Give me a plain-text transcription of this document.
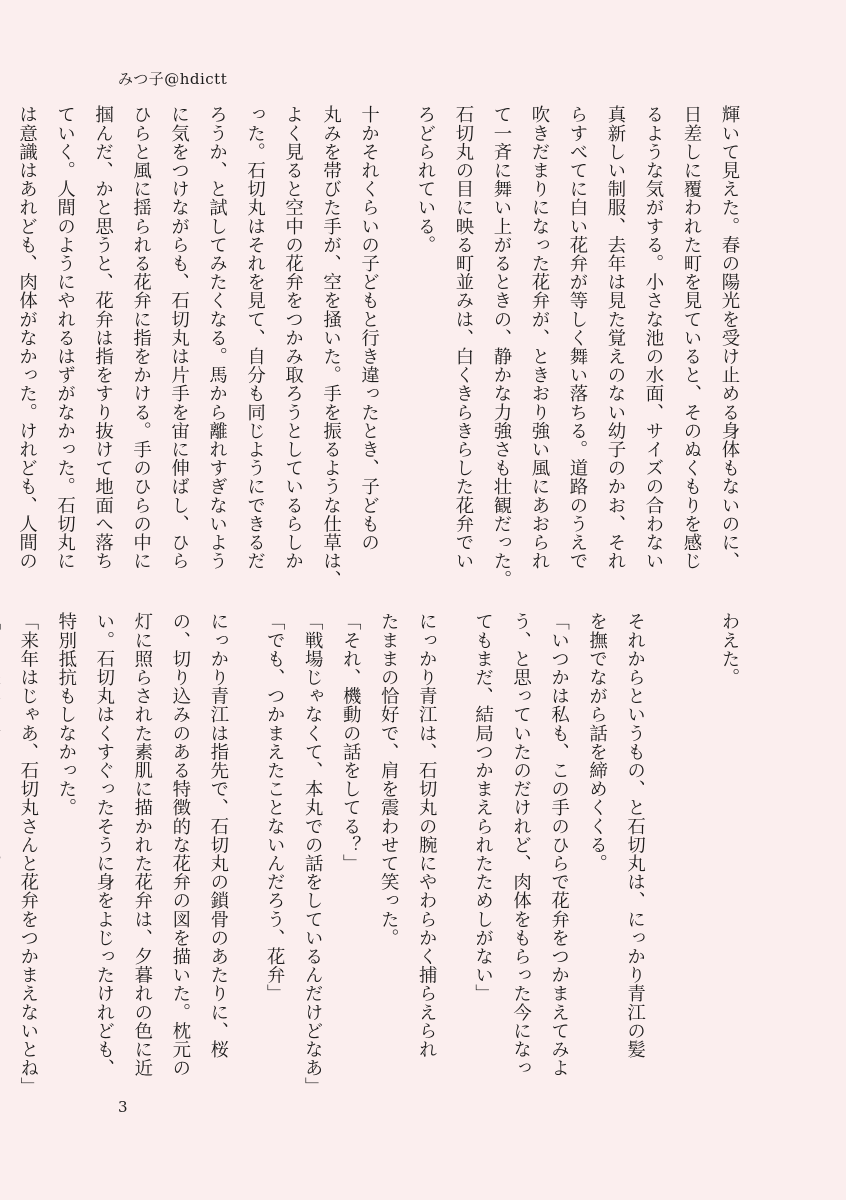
みつ子@hdictt
輝いて見えた。春の陽光を受け止める身体もないのに、
日差しに覆われた町を見ていると、そのぬくもりを感じ
るような気がする。小さな池の水面、サイズの合わない
真新しい制服、去年は見た覚えのない幼子のかお、それ
らすべてに白い花弁が等しく舞い落ちる。道路のうえで
吹きだまりになった花弁が、ときおり強い風にあおられ
て一斉に舞い上がるときの、静かな力強さも壮観だった。
石切丸の目に映る町並みは、白くきらきらした花弁でい
ろどられている。
十かそれくらいの子どもと行き違ったとき、子どもの
丸みを帯びた手が、空を掻いた。手を振るような仕草は、
よく見ると空中の花弁をつかみ取ろうとしているらしか
った。石切丸はそれを見て、自分も同じようにできるだ
ろうか、と試してみたくなる。馬から離れすぎないよう
に気をつけながらも、石切丸は片手を宙に伸ばし、ひら
ひらと風に揺られる花弁に指をかける。手のひらの中に
掴んだ、かと思うと、花弁は指をすり抜けて地面へ落ち
ていく。人間のようにやれるはずがなかった。石切丸に
は意識はあれども、肉体がなかった。けれども、人間の
わえた。
それからというもの、と石切丸は、にっかり青江の髪
を撫でながら話を締めくくる。
「いつかは私も、この手のひらで花弁をつかまえてみよ
う、と思っていたのだけれど、肉体をもらった今になっ
てもまだ、結局つかまえられたためしがない」
にっかり青江は、石切丸の腕にやわらかく捕らえられ
たままの恰好で、肩を震わせて笑った。
「それ、機動の話をしてる？」
「戦場じゃなくて、本丸での話をしているんだけどなあ」
「でも、つかまえたことないんだろう、花弁」
にっかり青江は指先で、石切丸の鎖骨のあたりに、桜
の、切り込みのある特徴的な花弁の図を描いた。枕元の
灯に照らされた素肌に描かれた花弁は、夕暮れの色に近
い。石切丸はくすぐったそうに身をよじったけれども、
特別抵抗もしなかった。
「来年はじゃあ、石切丸さんと花弁をつかまえないとね」
3
